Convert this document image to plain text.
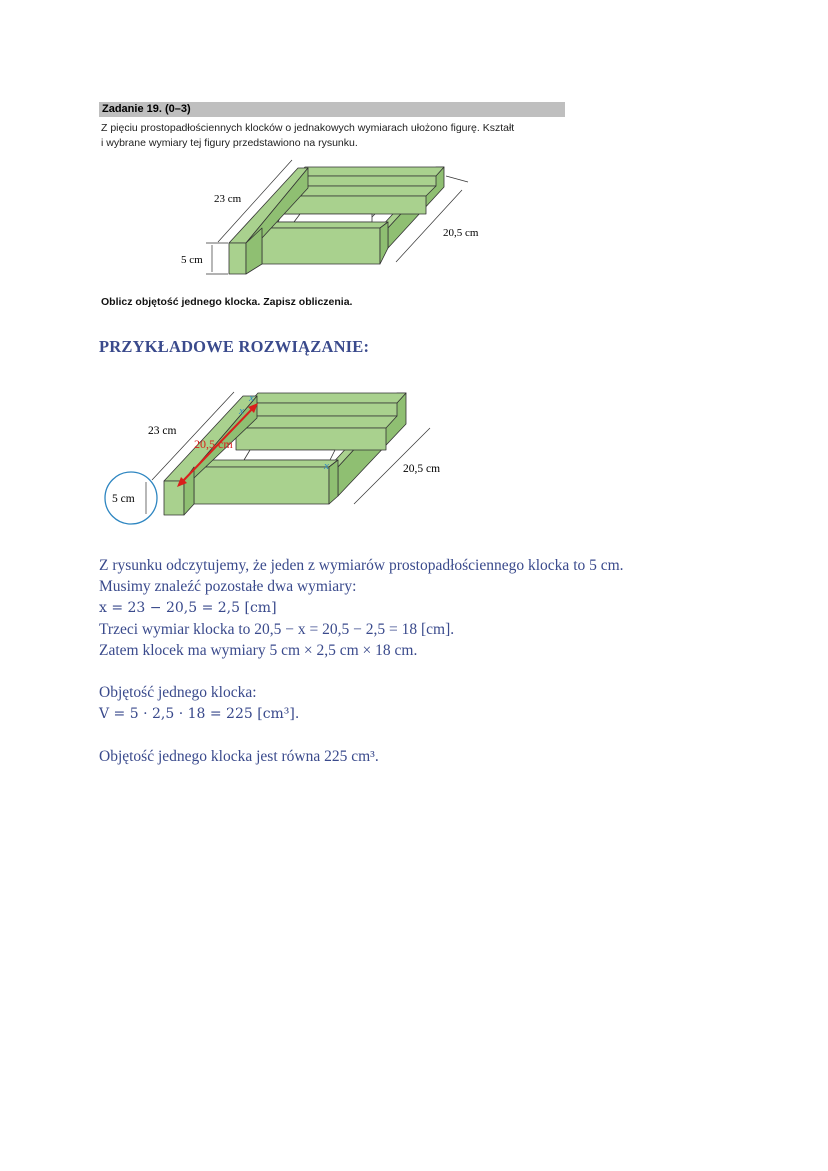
Zadanie 19. (0–3)
Z pięciu prostopadłościennych klocków o jednakowych wymiarach ułożono figurę. Kształt
i wybrane wymiary tej figury przedstawiono na rysunku.
23 cm
5 cm
20,5 cm
Oblicz objętość jednego klocka. Zapisz obliczenia.
PRZYKŁADOWE ROZWIĄZANIE:
23 cm
5 cm
20,5 cm
20,5 cm
x
x
x
Z rysunku odczytujemy, że jeden z wymiarów prostopadłościennego klocka to 5 cm.
Musimy znaleźć pozostałe dwa wymiary:
x = 23 − 20,5 = 2,5 [cm]
Trzeci wymiar klocka to 20,5 − x = 20,5 − 2,5 = 18 [cm].
Zatem klocek ma wymiary 5 cm × 2,5 cm × 18 cm.
Objętość jednego klocka:
V = 5 · 2,5 · 18 = 225 [cm³].
Objętość jednego klocka jest równa 225 cm³.
